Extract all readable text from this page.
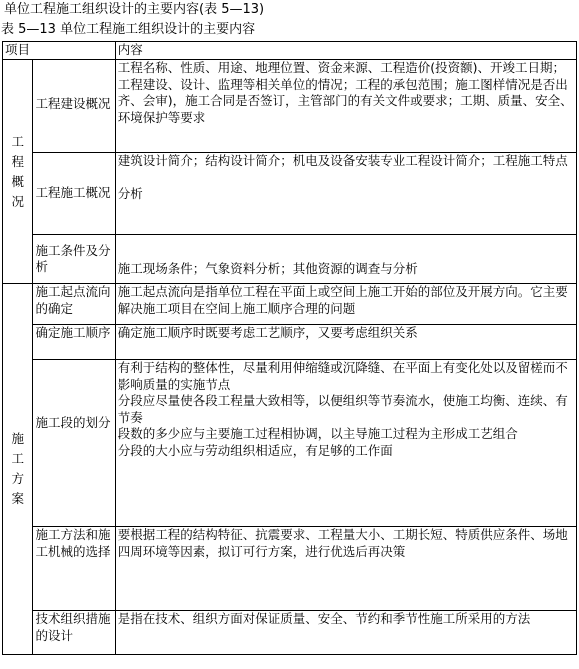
单位工程施工组织设计的主要内容(表 5—13)
表 5—13 单位工程施工组织设计的主要内容
项目		内容

工
程
概
况	工程建设概况	工程名称、性质、用途、地理位置、资金来源、工程造价(投资额)、开竣工日期；工程建设、设计、监理等相关单位的情况；工程的承包范围；施工图样情况是否出齐、会审)，施工合同是否签订，主管部门的有关文件或要求；工期、质量、安全、环境保护等要求

	工程施工概况	建筑设计简介；结构设计简介；机电及设备安装专业工程设计简介；工程施工特点
分析

	施工条件及分析	施工现场条件；气象资料分析；其他资源的调查与分析

施
工
方
案	施工起点流向的确定	施工起点流向是指单位工程在平面上或空间上施工开始的部位及开展方向。它主要解决施工项目在空间上施工顺序合理的问题

	确定施工顺序	确定施工顺序时既要考虑工艺顺序，又要考虑组织关系

	施工段的划分	有利于结构的整体性，尽量利用伸缩缝或沉降缝、在平面上有变化处以及留槎而不影响质量的实施节点
分段应尽量使各段工程量大致相等，以便组织等节奏流水，使施工均衡、连续、有节奏
段数的多少应与主要施工过程相协调，以主导施工过程为主形成工艺组合
分段的大小应与劳动组织相适应，有足够的工作面

	施工方法和施工机械的选择	要根据工程的结构特征、抗震要求、工程量大小、工期长短、特质供应条件、场地四周环境等因素，拟订可行方案，进行优选后再决策

	技术组织措施的设计	是指在技术、组织方面对保证质量、安全、节约和季节性施工所采用的方法
